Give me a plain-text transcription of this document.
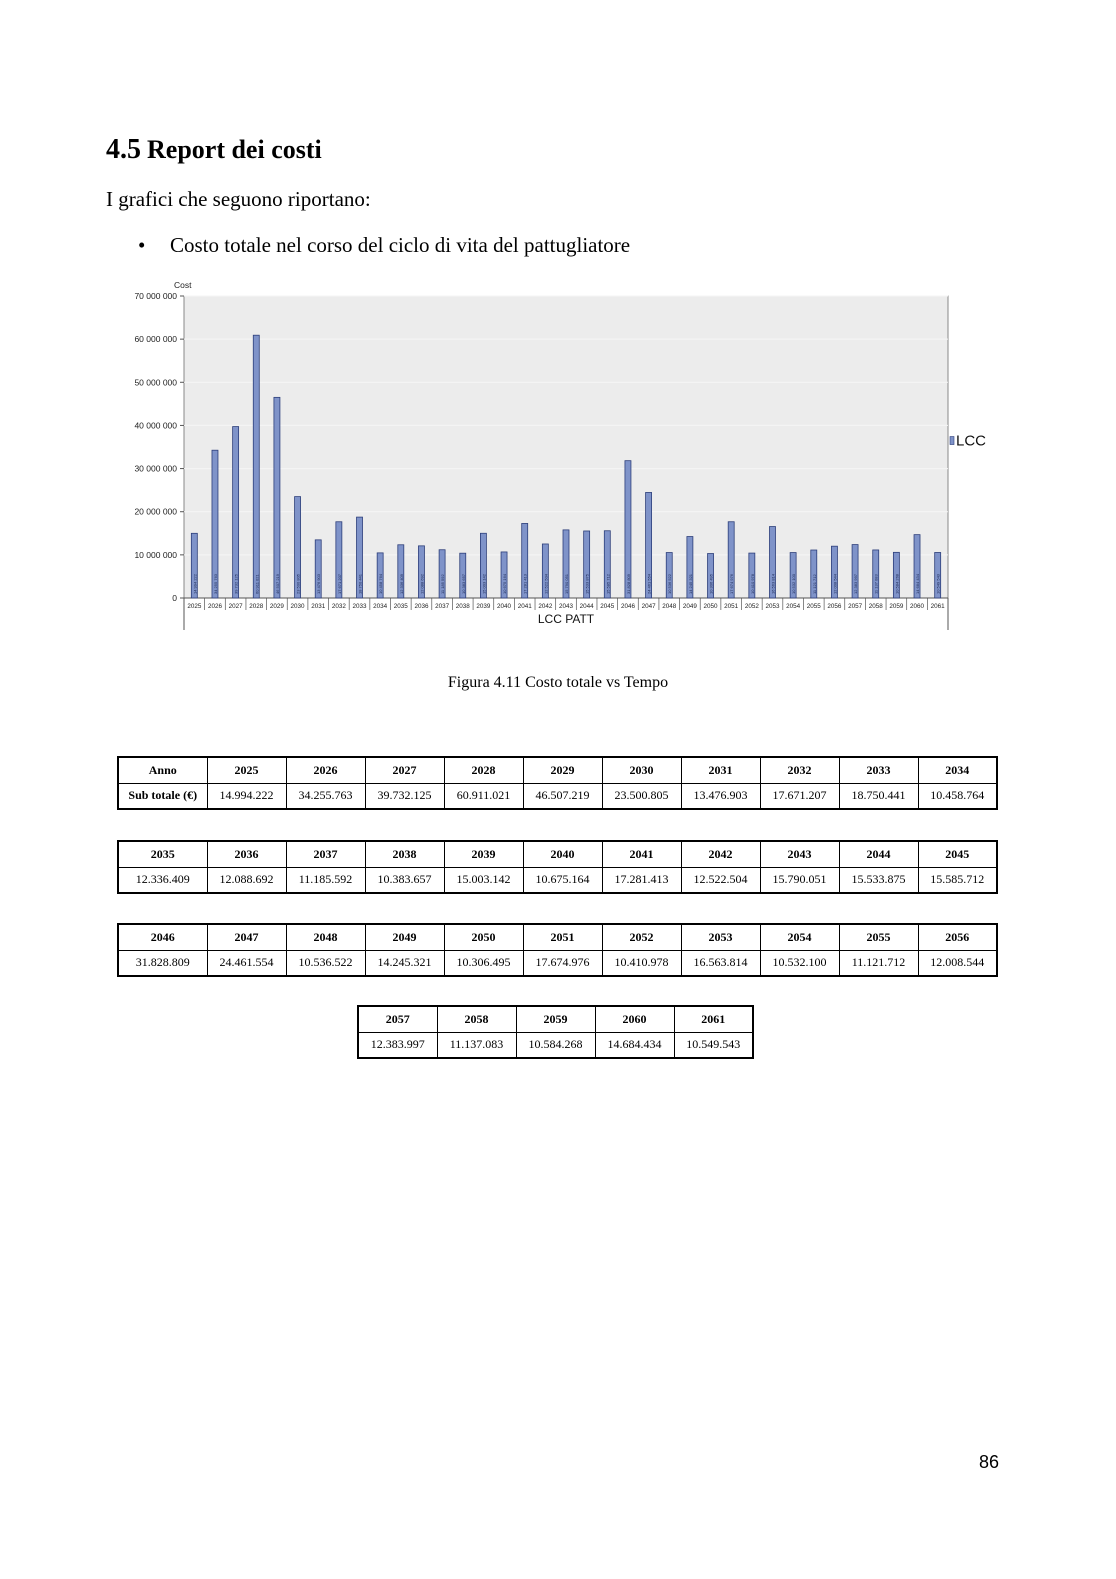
4.5 Report dei costi
I grafici che seguono riportano:
• Costo totale nel corso del ciclo di vita del pattugliatore
0
10 000 000
20 000 000
30 000 000
40 000 000
50 000 000
60 000 000
70 000 000
Cost
2025
14 994 222
2026
34 255 763
2027
39 732 125
2028
60 911 021
2029
46 507 219
2030
23 500 805
2031
13 476 903
2032
17 671 207
2033
18 750 441
2034
10 458 764
2035
12 336 409
2036
12 088 692
2037
11 185 592
2038
10 383 657
2039
15 003 142
2040
10 675 164
2041
17 281 413
2042
12 522 504
2043
15 790 051
2044
15 533 875
2045
15 585 712
2046
31 828 809
2047
24 461 554
2048
10 536 522
2049
14 245 321
2050
10 306 495
2051
17 674 976
2052
10 410 978
2053
16 563 814
2054
10 532 100
2055
11 121 712
2056
12 008 544
2057
12 383 997
2058
11 137 083
2059
10 584 268
2060
14 684 434
2061
10 549 543
LCC PATT
LCC
Figura 4.11 Costo totale vs Tempo
Anno	2025	2026	2027	2028	2029	2030	2031	2032	2033	2034
Sub totale (€)	14.994.222	34.255.763	39.732.125	60.911.021	46.507.219	23.500.805	13.476.903	17.671.207	18.750.441	10.458.764
2035	2036	2037	2038	2039	2040	2041	2042	2043	2044	2045
12.336.409	12.088.692	11.185.592	10.383.657	15.003.142	10.675.164	17.281.413	12.522.504	15.790.051	15.533.875	15.585.712
2046	2047	2048	2049	2050	2051	2052	2053	2054	2055	2056
31.828.809	24.461.554	10.536.522	14.245.321	10.306.495	17.674.976	10.410.978	16.563.814	10.532.100	11.121.712	12.008.544
2057	2058	2059	2060	2061
12.383.997	11.137.083	10.584.268	14.684.434	10.549.543
86
